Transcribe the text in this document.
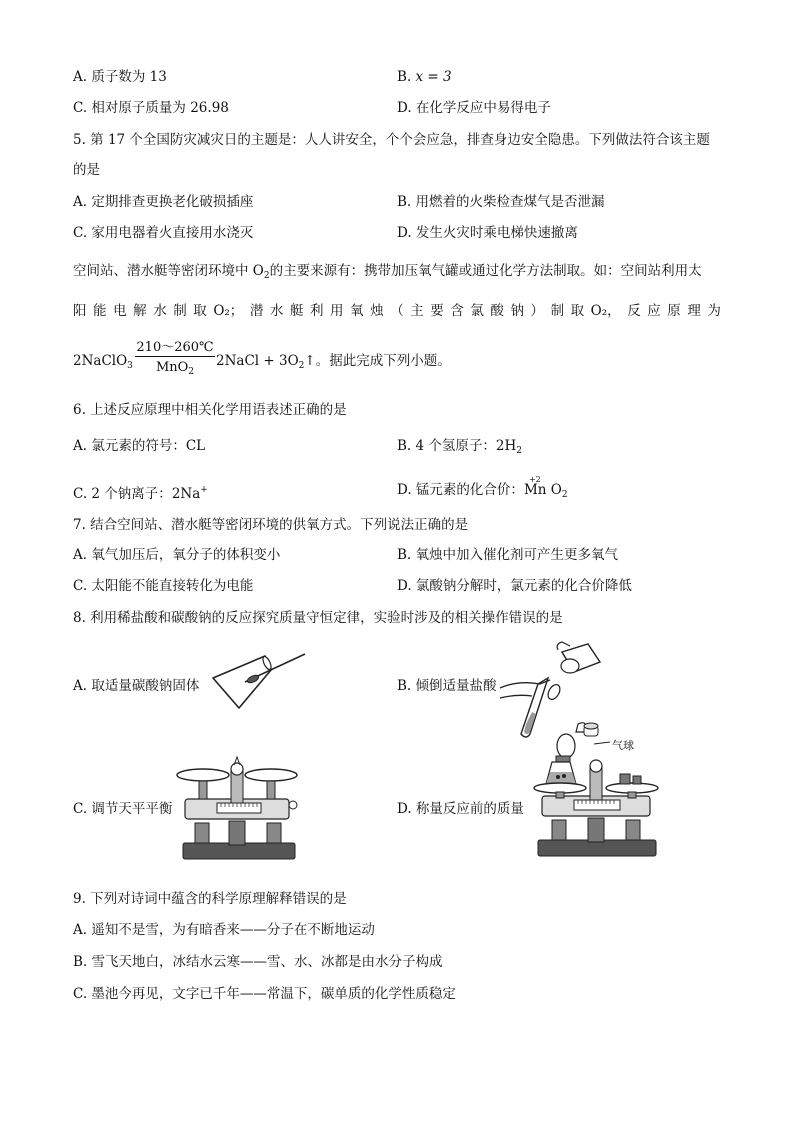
A. 质子数为 13	B. x = 3
C. 相对原子质量为 26.98	D. 在化学反应中易得电子
5. 第 17 个全国防灾减灾日的主题是：人人讲安全，个个会应急，排查身边安全隐患。下列做法符合该主题
的是
A. 定期排查更换老化破损插座	B. 用燃着的火柴检查煤气是否泄漏
C. 家用电器着火直接用水浇灭	D. 发生火灾时乘电梯快速撤离
空间站、潜水艇等密闭环境中 $O_2$的主要来源有：携带加压氧气罐或通过化学方法制取。如：空间站利用太
阳 能 电 解 水 制 取 O₂； 潜 水 艇 利 用 氧 烛 （ 主 要 含 氯 酸 钠 ） 制 取 O₂， 反 应 原 理 为
2NaClO$_3$
210～260℃
MnO$_2$
2NaCl + $3O_2↑$。据此完成下列小题。
6. 上述反应原理中相关化学用语表述正确的是
A. 氯元素的符号：CL	B. 4 个氢原子：$2H_2$
C. 2 个钠离子：2Na+	D. 锰元素的化合价：
+2
Mn $O_2$
7. 结合空间站、潜水艇等密闭环境的供氧方式。下列说法正确的是
A. 氧气加压后，氧分子的体积变小	B. 氧烛中加入催化剂可产生更多氧气
C. 太阳能不能直接转化为电能	D. 氯酸钠分解时，氯元素的化合价降低
8. 利用稀盐酸和碳酸钠的反应探究质量守恒定律，实验时涉及的相关操作错误的是
A. 取适量碳酸钠固体	B. 倾倒适量盐酸
C. 调节天平平衡	D. 称量反应前的质量
气球
9. 下列对诗词中蕴含的科学原理解释错误的是
A. 遥知不是雪，为有暗香来——分子在不断地运动
B. 雪飞天地白，冰结水云寒——雪、水、冰都是由水分子构成
C. 墨池今再见，文字已千年——常温下，碳单质的化学性质稳定
